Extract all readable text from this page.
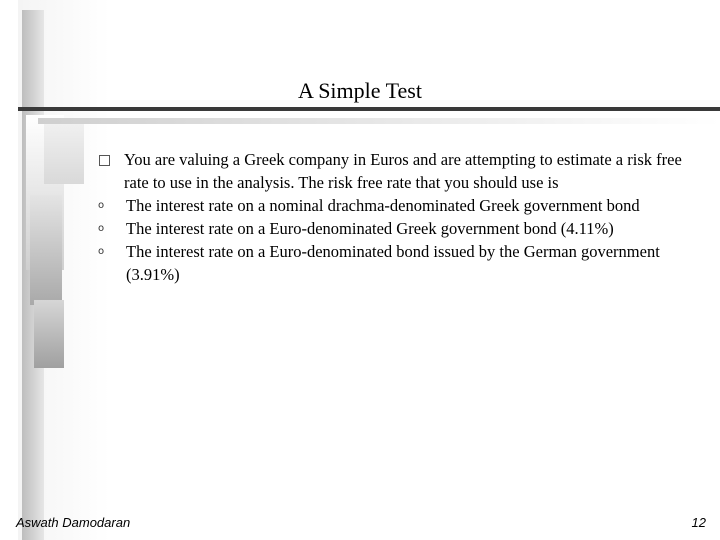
A Simple Test
You are valuing a Greek company in Euros and are attempting to estimate a risk free rate to use in the analysis. The risk free rate that you should use is
o	The interest rate on a nominal drachma-denominated Greek government bond
o	The interest rate on a Euro-denominated Greek government bond (4.11%)
o	The interest rate on a Euro-denominated bond issued by the German government (3.91%)
Aswath Damodaran	12
